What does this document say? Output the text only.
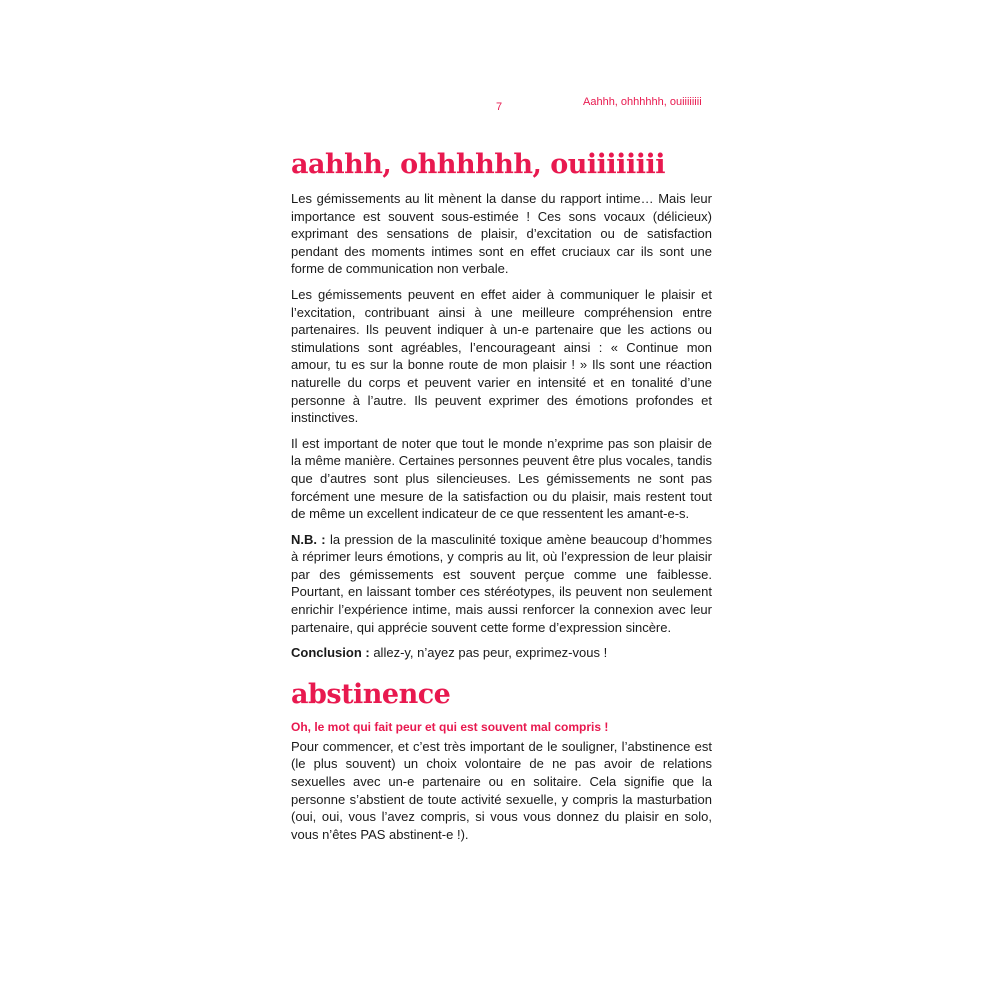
7	Aahhh, ohhhhhh, ouiiiiiiii
aahhh, ohhhhhh, ouiiiiiiii

Les gémissements au lit mènent la danse du rapport intime… Mais leur importance est souvent sous-estimée ! Ces sons vocaux (délicieux) exprimant des sensations de plaisir, d’excitation ou de satisfaction pendant des moments intimes sont en effet cruciaux car ils sont une forme de communication non verbale.

Les gémissements peuvent en effet aider à communiquer le plaisir et l’excitation, contribuant ainsi à une meilleure compréhension entre partenaires. Ils peuvent indiquer à un-e partenaire que les actions ou stimulations sont agréables, l’encourageant ainsi : « Continue mon amour, tu es sur la bonne route de mon plaisir ! » Ils sont une réaction naturelle du corps et peuvent varier en intensité et en tonalité d’une personne à l’autre. Ils peuvent exprimer des émotions profondes et instinctives.

Il est important de noter que tout le monde n’exprime pas son plaisir de la même manière. Certaines personnes peuvent être plus vocales, tandis que d’autres sont plus silencieuses. Les gémissements ne sont pas forcément une mesure de la satisfaction ou du plaisir, mais restent tout de même un excellent indicateur de ce que ressentent les amant-e-s.

N.B. : la pression de la masculinité toxique amène beaucoup d’hommes à réprimer leurs émotions, y compris au lit, où l’expression de leur plaisir par des gémissements est souvent perçue comme une faiblesse. Pourtant, en laissant tomber ces stéréotypes, ils peuvent non seulement enrichir l’expérience intime, mais aussi renforcer la connexion avec leur partenaire, qui apprécie souvent cette forme d’expression sincère.

Conclusion : allez-y, n’ayez pas peur, exprimez-vous !

abstinence

Oh, le mot qui fait peur et qui est souvent mal compris !

Pour commencer, et c’est très important de le souligner, l’abstinence est (le plus souvent) un choix volontaire de ne pas avoir de relations sexuelles avec un-e partenaire ou en solitaire. Cela signifie que la personne s’abstient de toute activité sexuelle, y compris la masturbation (oui, oui, vous l’avez compris, si vous vous donnez du plaisir en solo, vous n’êtes PAS abstinent-e !).
